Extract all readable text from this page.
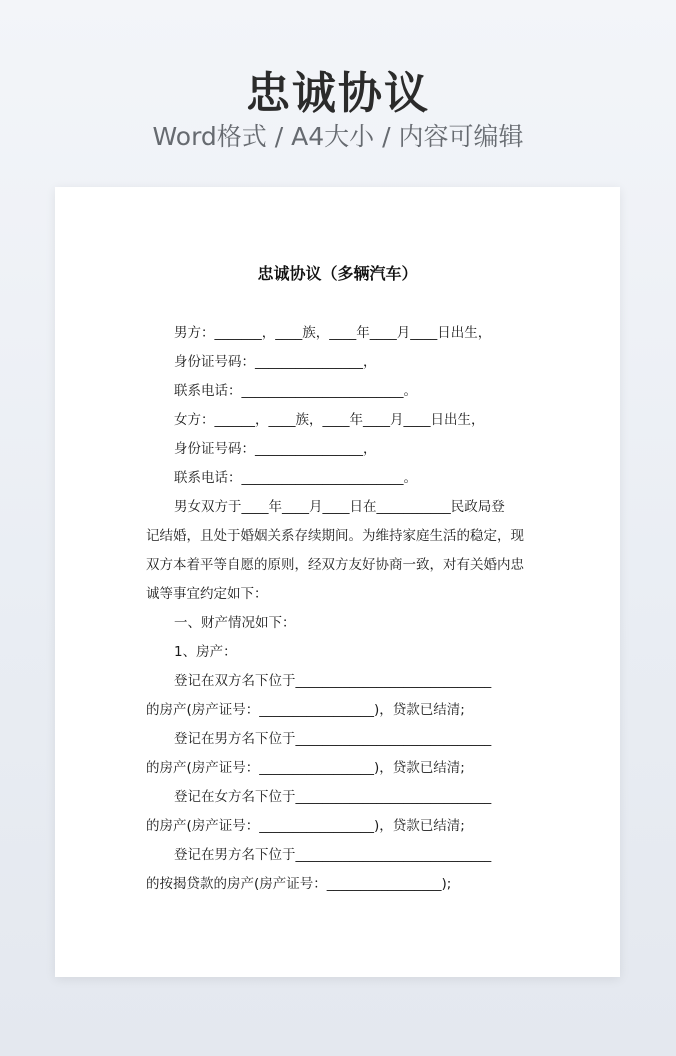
忠诚协议
Word格式 / A4大小 / 内容可编辑
忠诚协议（多辆汽车）
男方：_______，____族，____年____月____日出生，
身份证号码：________________，
联系电话：________________________。
女方：______，____族，____年____月____日出生，
身份证号码：________________，
联系电话：________________________。
男女双方于____年____月____日在___________民政局登
记结婚，且处于婚姻关系存续期间。为维持家庭生活的稳定，现
双方本着平等自愿的原则，经双方友好协商一致，对有关婚内忠
诚等事宜约定如下：
一、财产情况如下：
1、房产：
登记在双方名下位于_____________________________
的房产(房产证号：_________________)，贷款已结清;
登记在男方名下位于_____________________________
的房产(房产证号：_________________)，贷款已结清;
登记在女方名下位于_____________________________
的房产(房产证号：_________________)，贷款已结清;
登记在男方名下位于_____________________________
的按揭贷款的房产(房产证号：_________________);
